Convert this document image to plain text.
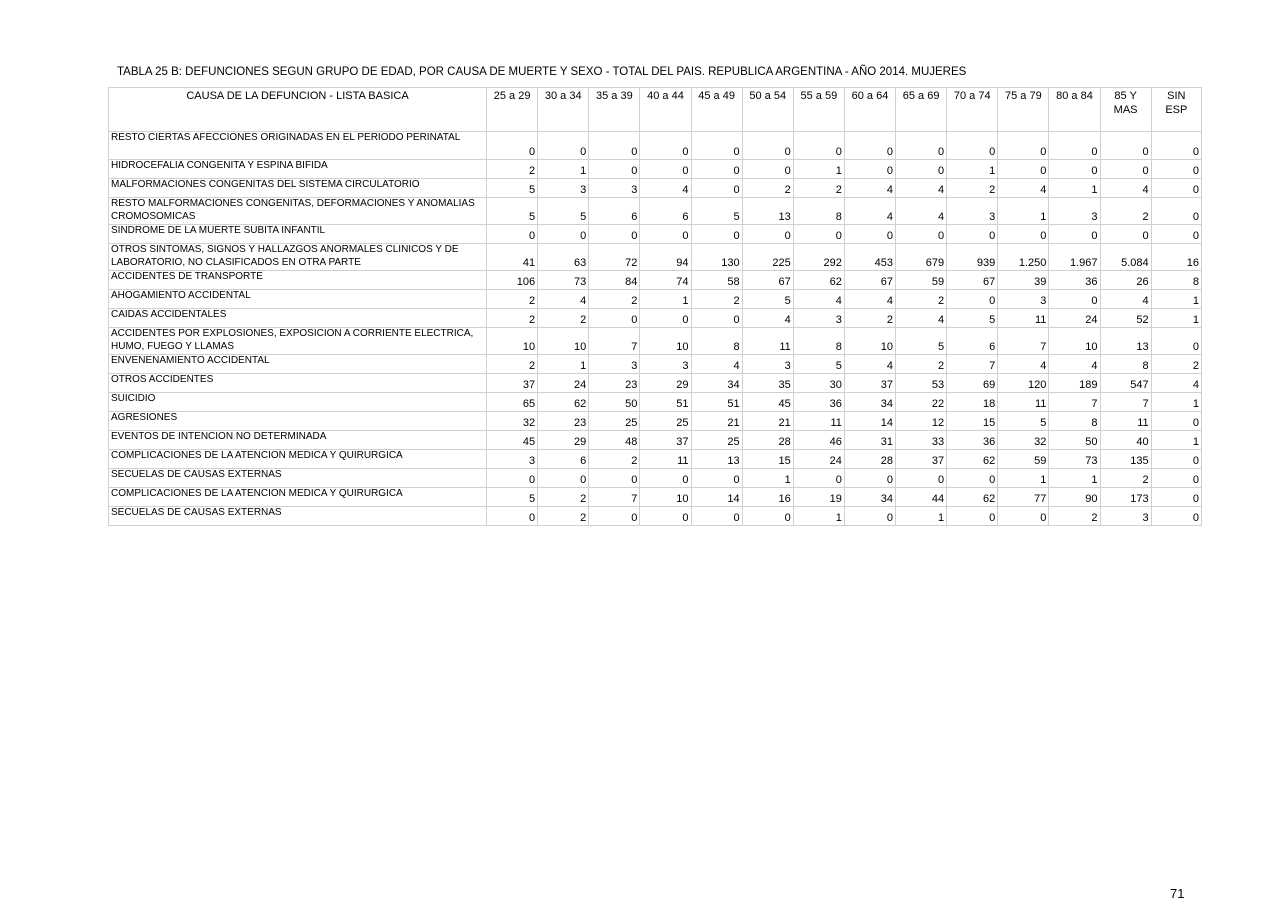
TABLA 25 B: DEFUNCIONES SEGUN GRUPO DE EDAD, POR CAUSA DE MUERTE Y SEXO - TOTAL DEL PAIS. REPUBLICA ARGENTINA - AÑO 2014. MUJERES
CAUSA DE LA DEFUNCION - LISTA BASICA	25 a 29	30 a 34	35 a 39	40 a 44	45 a 49	50 a 54	55 a 59	60 a 64	65 a 69	70 a 74	75 a 79	80 a 84	85 Y MAS	SIN ESP
RESTO CIERTAS AFECCIONES ORIGINADAS EN EL PERIODO PERINATAL	0	0	0	0	0	0	0	0	0	0	0	0	0	0
HIDROCEFALIA CONGENITA Y ESPINA BIFIDA	2	1	0	0	0	0	1	0	0	1	0	0	0	0
MALFORMACIONES CONGENITAS DEL SISTEMA CIRCULATORIO	5	3	3	4	0	2	2	4	4	2	4	1	4	0
RESTO MALFORMACIONES CONGENITAS, DEFORMACIONES Y ANOMALIAS CROMOSOMICAS	5	5	6	6	5	13	8	4	4	3	1	3	2	0
SINDROME DE LA MUERTE SUBITA INFANTIL	0	0	0	0	0	0	0	0	0	0	0	0	0	0
OTROS SINTOMAS, SIGNOS Y HALLAZGOS ANORMALES CLINICOS Y DE LABORATORIO, NO CLASIFICADOS EN OTRA PARTE	41	63	72	94	130	225	292	453	679	939	1.250	1.967	5.084	16
ACCIDENTES DE TRANSPORTE	106	73	84	74	58	67	62	67	59	67	39	36	26	8
AHOGAMIENTO ACCIDENTAL	2	4	2	1	2	5	4	4	2	0	3	0	4	1
CAIDAS ACCIDENTALES	2	2	0	0	0	4	3	2	4	5	11	24	52	1
ACCIDENTES POR EXPLOSIONES, EXPOSICION A CORRIENTE ELECTRICA, HUMO, FUEGO Y LLAMAS	10	10	7	10	8	11	8	10	5	6	7	10	13	0
ENVENENAMIENTO ACCIDENTAL	2	1	3	3	4	3	5	4	2	7	4	4	8	2
OTROS ACCIDENTES	37	24	23	29	34	35	30	37	53	69	120	189	547	4
SUICIDIO	65	62	50	51	51	45	36	34	22	18	11	7	7	1
AGRESIONES	32	23	25	25	21	21	11	14	12	15	5	8	11	0
EVENTOS DE INTENCION NO DETERMINADA	45	29	48	37	25	28	46	31	33	36	32	50	40	1
COMPLICACIONES DE LA ATENCION MEDICA Y QUIRURGICA	3	6	2	11	13	15	24	28	37	62	59	73	135	0
SECUELAS DE CAUSAS EXTERNAS	0	0	0	0	0	1	0	0	0	0	1	1	2	0
COMPLICACIONES DE LA ATENCION MEDICA Y QUIRURGICA	5	2	7	10	14	16	19	34	44	62	77	90	173	0
SECUELAS DE CAUSAS EXTERNAS	0	2	0	0	0	0	1	0	1	0	0	2	3	0
71
